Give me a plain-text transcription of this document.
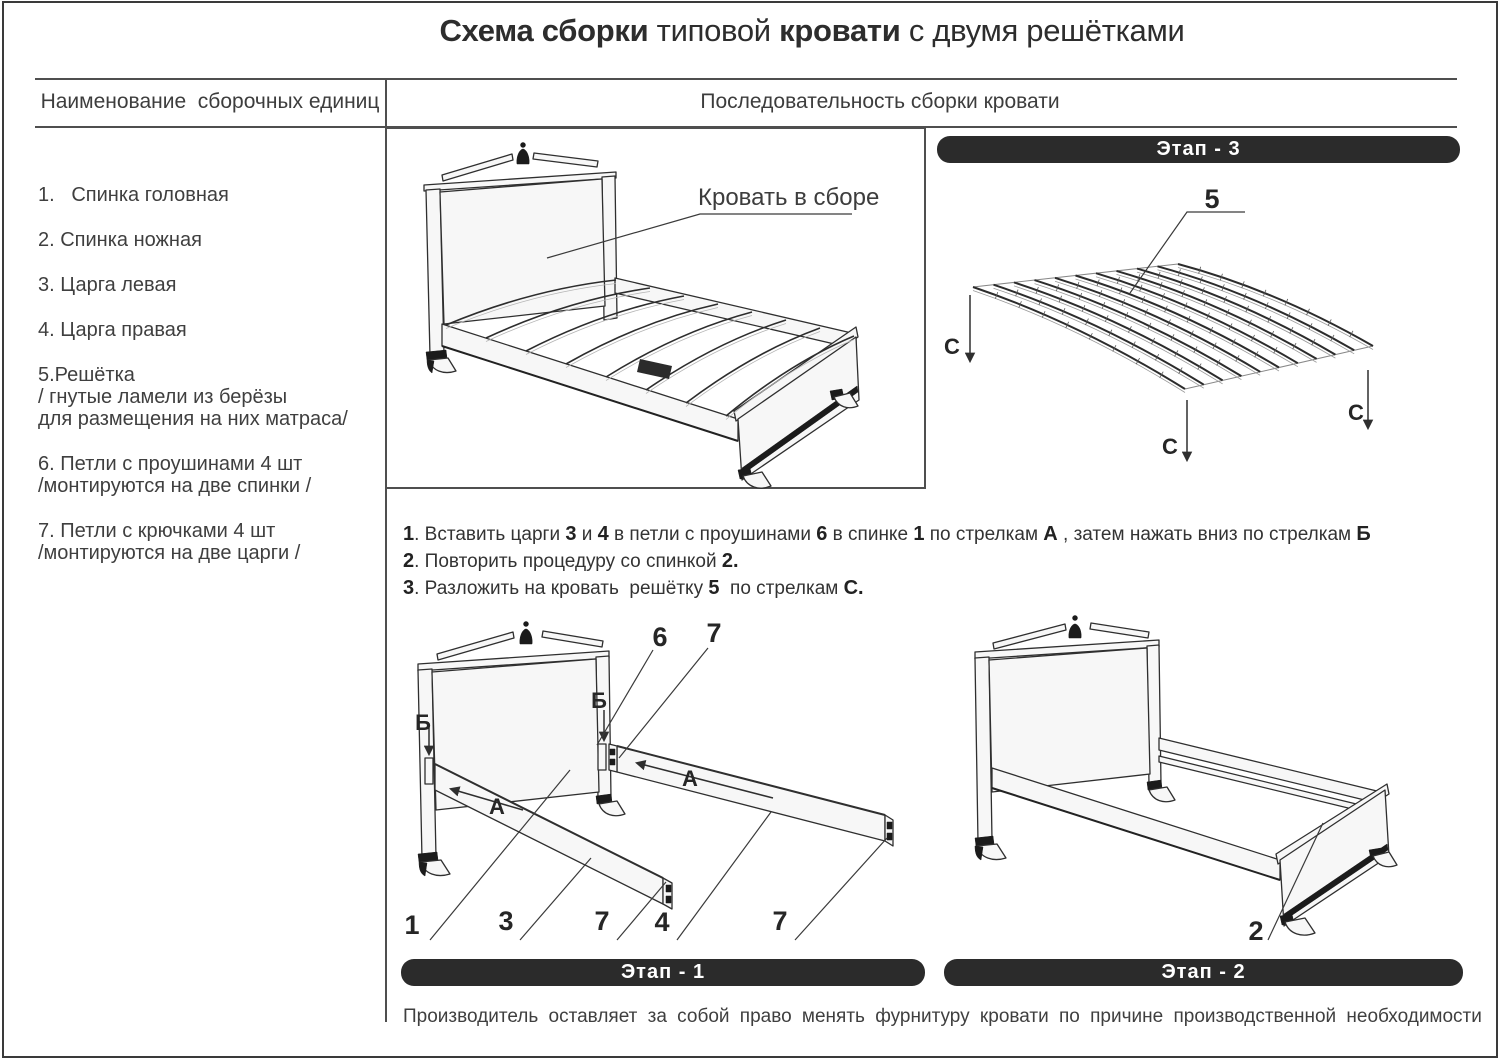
Схема сборки типовой кровати с двумя решётками
Наименование  сборочных единиц	Последовательность сборки кровати
1.   Спинка головная
2. Спинка ножная
3. Царга левая
4. Царга правая
5.Решётка
/ гнутые ламели из берёзы
для размещения на них матраса/
6. Петли с проушинами 4 шт
/монтируются на две спинки /
7. Петли с крючками 4 шт
/монтируются на две царги /
Кровать в сборе
Этап - 3
1. Вставить царги 3 и 4 в петли с проушинами 6 в спинке 1 по стрелкам А , затем нажать вниз по стрелкам Б
2. Повторить процедуру со спинкой 2.
3. Разложить на кровать  решётку 5  по стрелкам С.
Этап - 1	Этап - 2
5
С
С
С
6 7
Б
Б
А
А
1	3	7 4	7	2
Производитель оставляет за собой право менять фурнитуру кровати по причине производственной необходимости
